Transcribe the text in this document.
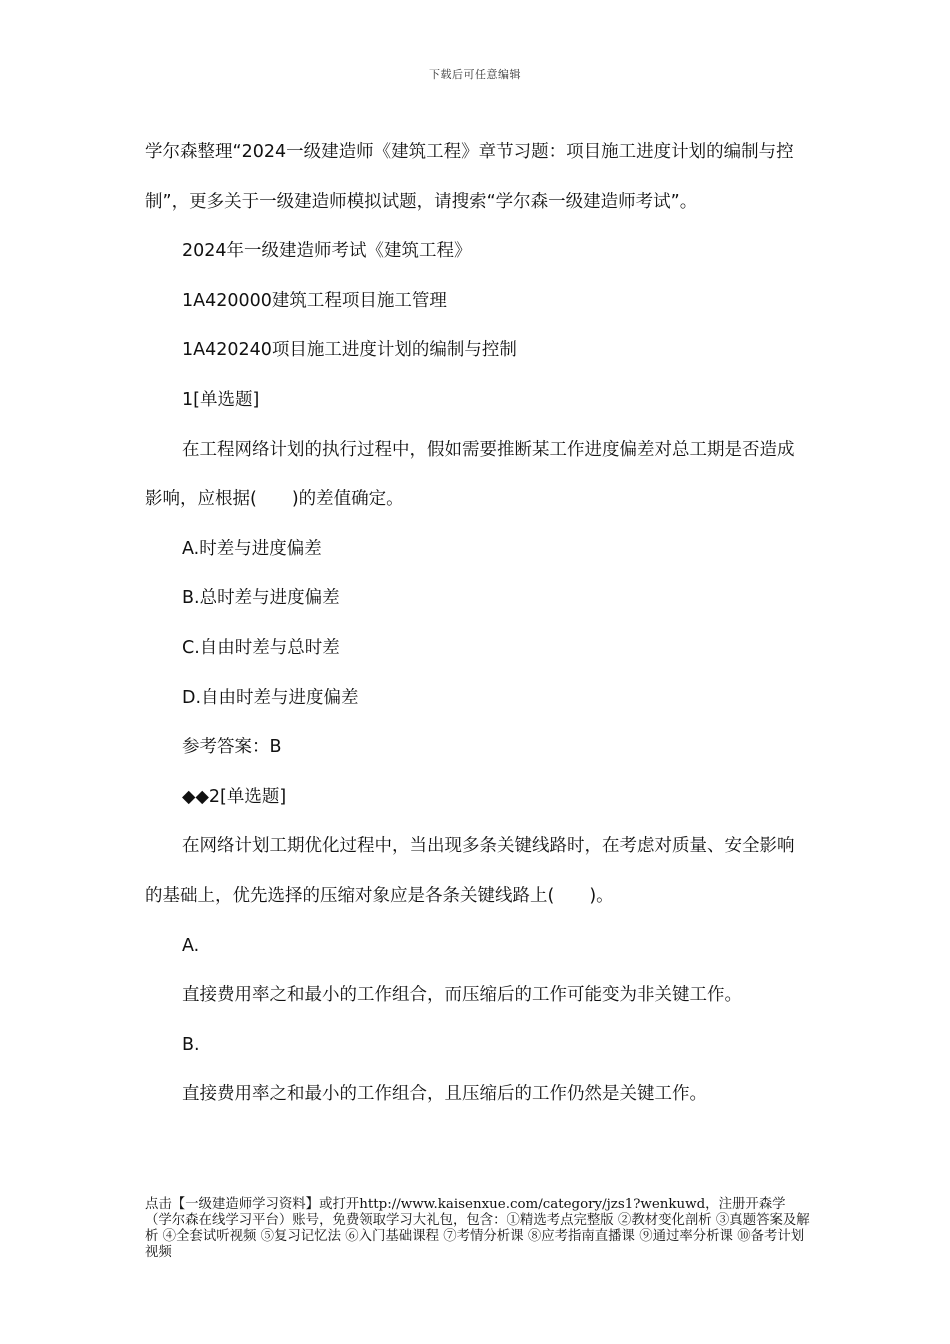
下载后可任意编辑

学尔森整理“2024一级建造师《建筑工程》章节习题：项目施工进度计划的编制与控制”，更多关于一级建造师模拟试题，请搜索“学尔森一级建造师考试”。

2024年一级建造师考试《建筑工程》

1A420000建筑工程项目施工管理

1A420240项目施工进度计划的编制与控制

1[单选题]

在工程网络计划的执行过程中，假如需要推断某工作进度偏差对总工期是否造成影响，应根据(　　)的差值确定。

A.时差与进度偏差

B.总时差与进度偏差

C.自由时差与总时差

D.自由时差与进度偏差

参考答案：B

◆◆2[单选题]

在网络计划工期优化过程中，当出现多条关键线路时，在考虑对质量、安全影响的基础上，优先选择的压缩对象应是各条关键线路上(　　)。

A.

直接费用率之和最小的工作组合，而压缩后的工作可能变为非关键工作。

B.

直接费用率之和最小的工作组合，且压缩后的工作仍然是关键工作。

点击【一级建造师学习资料】或打开http://www.kaisenxue.com/category/jzs1?wenkuwd，注册开森学（学尔森在线学习平台）账号，免费领取学习大礼包，包含：①精选考点完整版 ②教材变化剖析 ③真题答案及解析 ④全套试听视频 ⑤复习记忆法 ⑥入门基础课程 ⑦考情分析课 ⑧应考指南直播课 ⑨通过率分析课 ⑩备考计划视频
